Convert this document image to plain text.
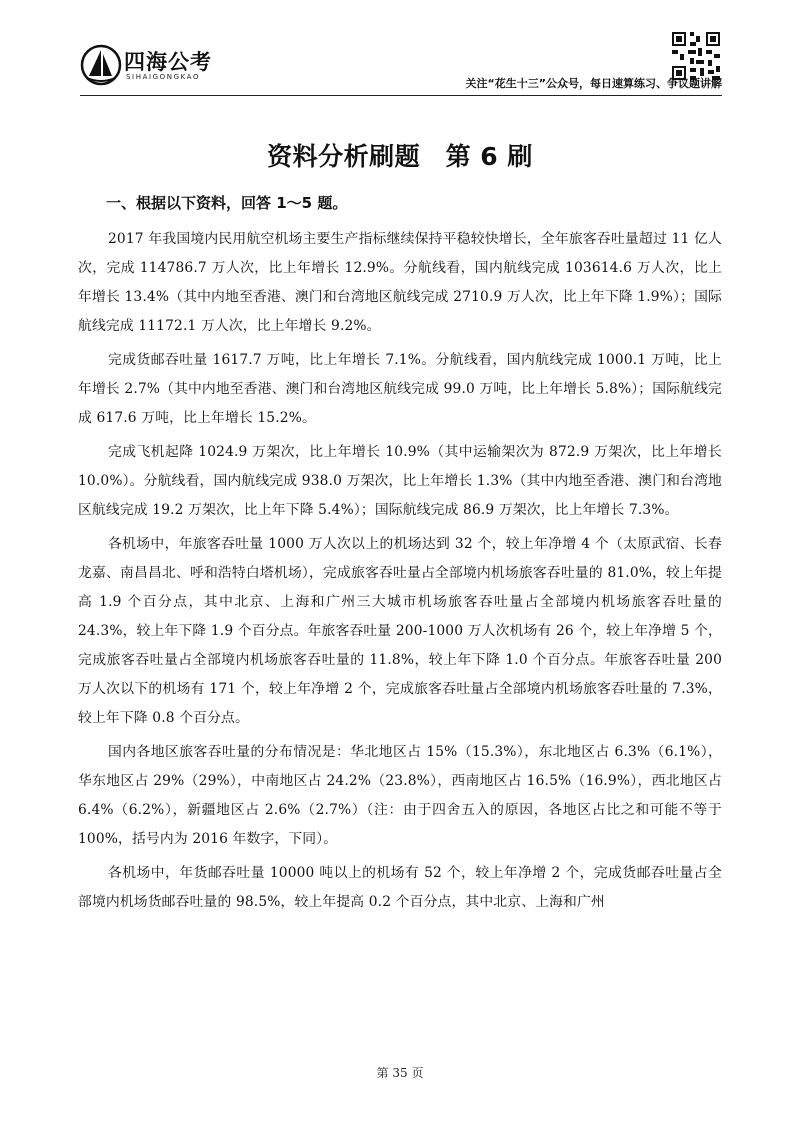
四海公考
SIHAIGONGKAO	关注“花生十三”公众号，每日速算练习、争议题讲解
资料分析刷题　第 6 刷
一、根据以下资料，回答 1～5 题。

2017 年我国境内民用航空机场主要生产指标继续保持平稳较快增长，全年旅客吞吐量超过 11 亿人次，完成 114786.7 万人次，比上年增长 12.9%。分航线看，国内航线完成 103614.6 万人次，比上年增长 13.4%（其中内地至香港、澳门和台湾地区航线完成 2710.9 万人次，比上年下降 1.9%）；国际航线完成 11172.1 万人次，比上年增长 9.2%。

完成货邮吞吐量 1617.7 万吨，比上年增长 7.1%。分航线看，国内航线完成 1000.1 万吨，比上年增长 2.7%（其中内地至香港、澳门和台湾地区航线完成 99.0 万吨，比上年增长 5.8%）；国际航线完成 617.6 万吨，比上年增长 15.2%。

完成飞机起降 1024.9 万架次，比上年增长 10.9%（其中运输架次为 872.9 万架次，比上年增长 10.0%）。分航线看，国内航线完成 938.0 万架次，比上年增长 1.3%（其中内地至香港、澳门和台湾地区航线完成 19.2 万架次，比上年下降 5.4%）；国际航线完成 86.9 万架次，比上年增长 7.3%。

各机场中，年旅客吞吐量 1000 万人次以上的机场达到 32 个，较上年净增 4 个（太原武宿、长春龙嘉、南昌昌北、呼和浩特白塔机场），完成旅客吞吐量占全部境内机场旅客吞吐量的 81.0%，较上年提高 1.9 个百分点，其中北京、上海和广州三大城市机场旅客吞吐量占全部境内机场旅客吞吐量的 24.3%，较上年下降 1.9 个百分点。年旅客吞吐量 200-1000 万人次机场有 26 个，较上年净增 5 个，完成旅客吞吐量占全部境内机场旅客吞吐量的 11.8%，较上年下降 1.0 个百分点。年旅客吞吐量 200 万人次以下的机场有 171 个，较上年净增 2 个，完成旅客吞吐量占全部境内机场旅客吞吐量的 7.3%，较上年下降 0.8 个百分点。

国内各地区旅客吞吐量的分布情况是：华北地区占 15%（15.3%），东北地区占 6.3%（6.1%），华东地区占 29%（29%），中南地区占 24.2%（23.8%），西南地区占 16.5%（16.9%），西北地区占 6.4%（6.2%），新疆地区占 2.6%（2.7%）（注：由于四舍五入的原因，各地区占比之和可能不等于 100%，括号内为 2016 年数字，下同）。

各机场中，年货邮吞吐量 10000 吨以上的机场有 52 个，较上年净增 2 个，完成货邮吞吐量占全部境内机场货邮吞吐量的 98.5%，较上年提高 0.2 个百分点，其中北京、上海和广州

第 35 页
